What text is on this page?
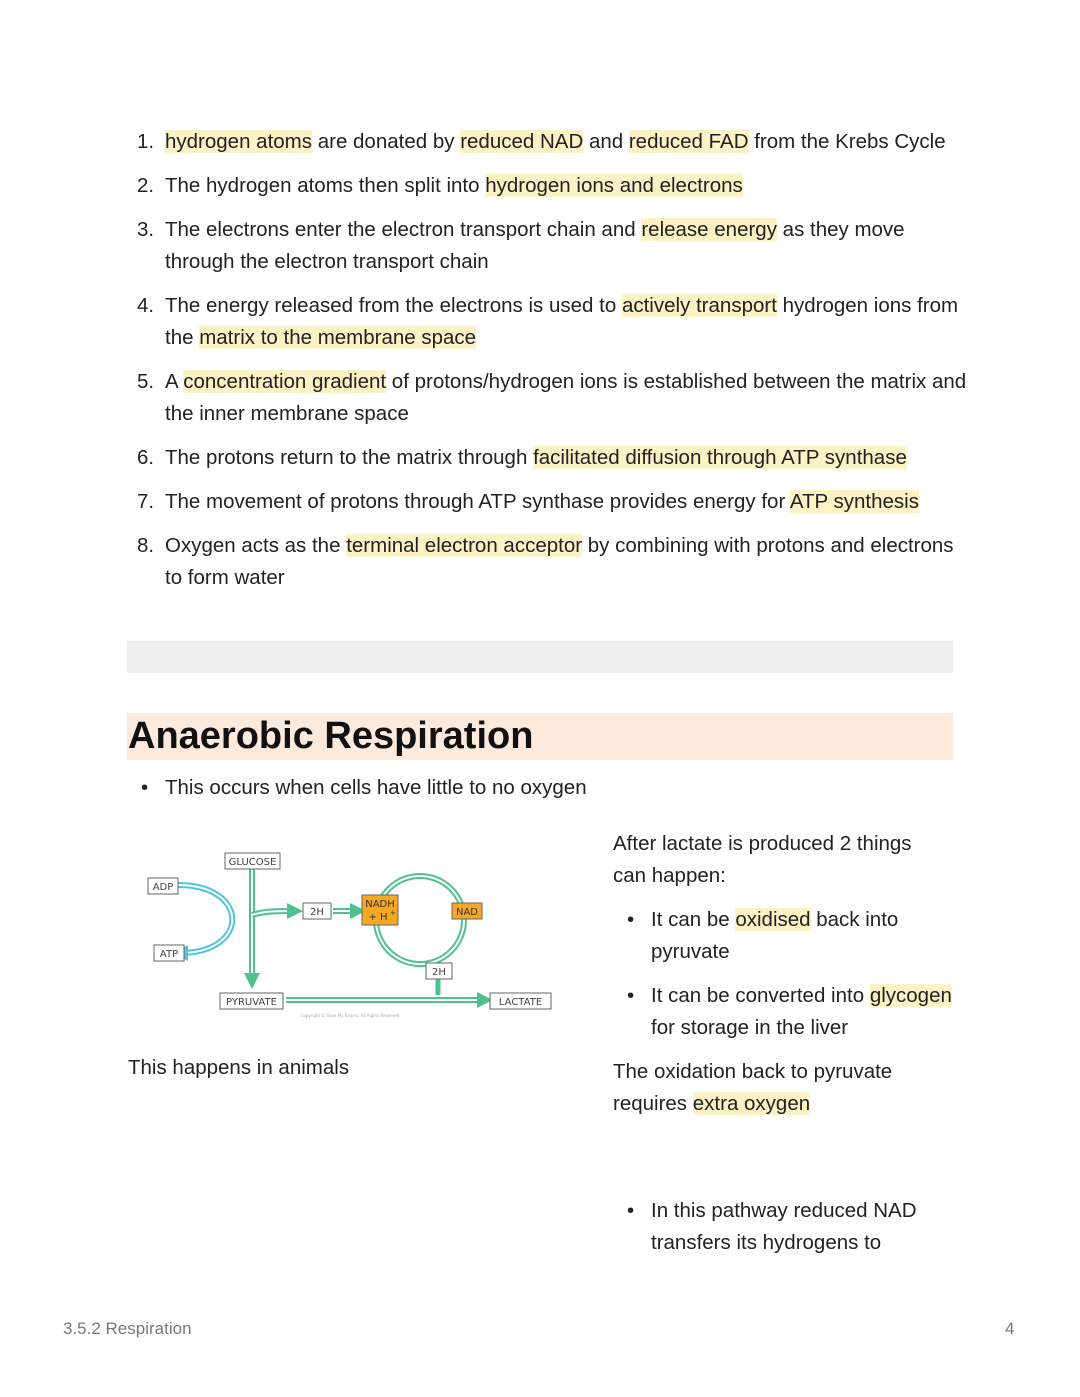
1. hydrogen atoms are donated by reduced NAD and reduced FAD from the Krebs Cycle
2. The hydrogen atoms then split into hydrogen ions and electrons
3. The electrons enter the electron transport chain and release energy as they move through the electron transport chain
4. The energy released from the electrons is used to actively transport hydrogen ions from the matrix to the membrane space
5. A concentration gradient of protons/hydrogen ions is established between the matrix and the inner membrane space
6. The protons return to the matrix through facilitated diffusion through ATP synthase
7. The movement of protons through ATP synthase provides energy for ATP synthesis
8. Oxygen acts as the terminal electron acceptor by combining with protons and electrons to form water
Anaerobic Respiration
• This occurs when cells have little to no oxygen
GLUCOSE
ADP
ATP
2H
NADH
+ H +	NAD
2H
PYRUVATE	LACTATE
Copyright © Save My Exams. All Rights Reserved

This happens in animals

After lactate is produced 2 things can happen:

• It can be oxidised back into pyruvate
• It can be converted into glycogen for storage in the liver

The oxidation back to pyruvate requires extra oxygen

• In this pathway reduced NAD transfers its hydrogens to
3.5.2 Respiration	4
